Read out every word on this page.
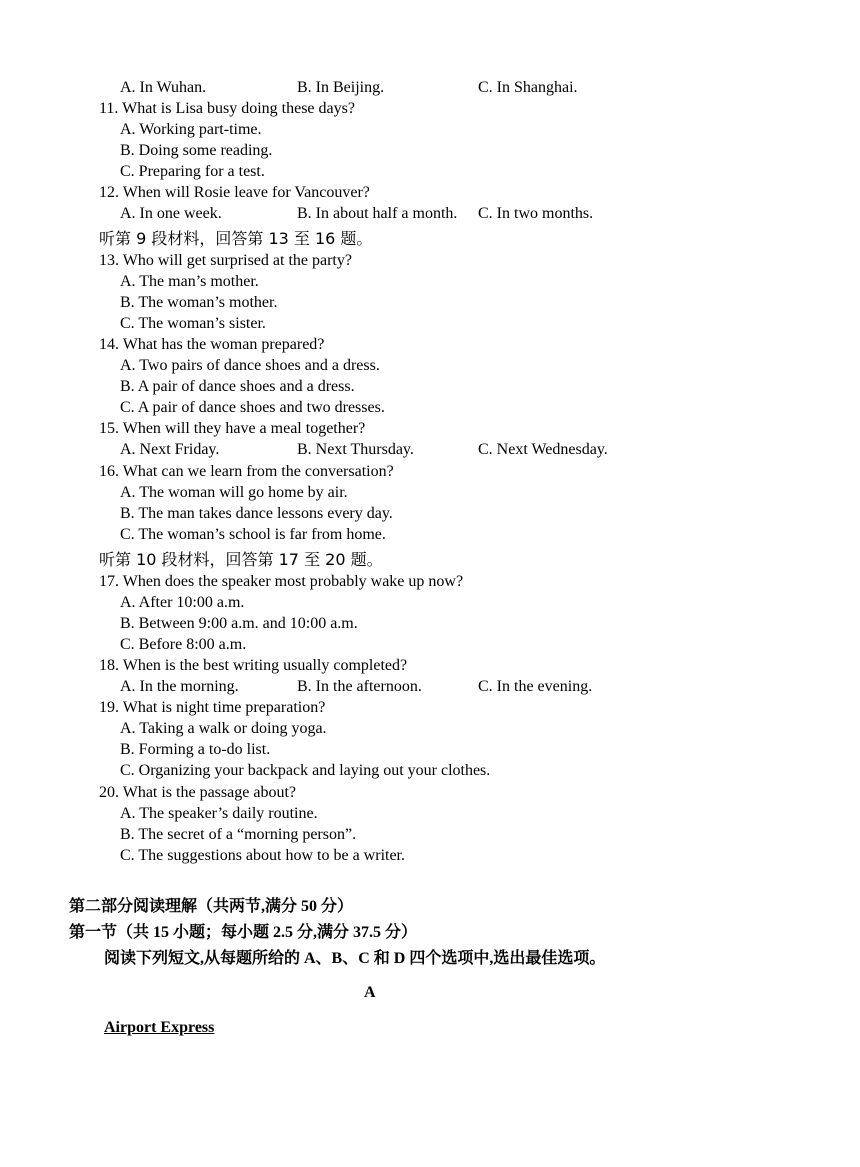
A. In Wuhan.	B. In Beijing.	C. In Shanghai.
11. What is Lisa busy doing these days?
A. Working part-time.
B. Doing some reading.
C. Preparing for a test.
12. When will Rosie leave for Vancouver?
A. In one week.	B. In about half a month. C. In two months.
听第 9 段材料，回答第 13 至 16 题。
13. Who will get surprised at the party?
A. The man’s mother.
B. The woman’s mother.
C. The woman’s sister.
14. What has the woman prepared?
A. Two pairs of dance shoes and a dress.
B. A pair of dance shoes and a dress.
C. A pair of dance shoes and two dresses.
15. When will they have a meal together?
A. Next Friday.	B. Next Thursday.	C. Next Wednesday.
16. What can we learn from the conversation?
A. The woman will go home by air.
B. The man takes dance lessons every day.
C. The woman’s school is far from home.
听第 10 段材料，回答第 17 至 20 题。
17. When does the speaker most probably wake up now?
A. After 10:00 a.m.
B. Between 9:00 a.m. and 10:00 a.m.
C. Before 8:00 a.m.
18. When is the best writing usually completed?
A. In the morning.	B. In the afternoon.	C. In the evening.
19. What is night time preparation?
A. Taking a walk or doing yoga.
B. Forming a to-do list.
C. Organizing your backpack and laying out your clothes.
20. What is the passage about?
A. The speaker’s daily routine.
B. The secret of a “morning person”.
C. The suggestions about how to be a writer.
第二部分阅读理解（共两节,满分 50 分）
第一节（共 15 小题；每小题 2.5 分,满分 37.5 分）
阅读下列短文,从每题所给的 A、B、C 和 D 四个选项中,选出最佳选项。
A
Airport Express
